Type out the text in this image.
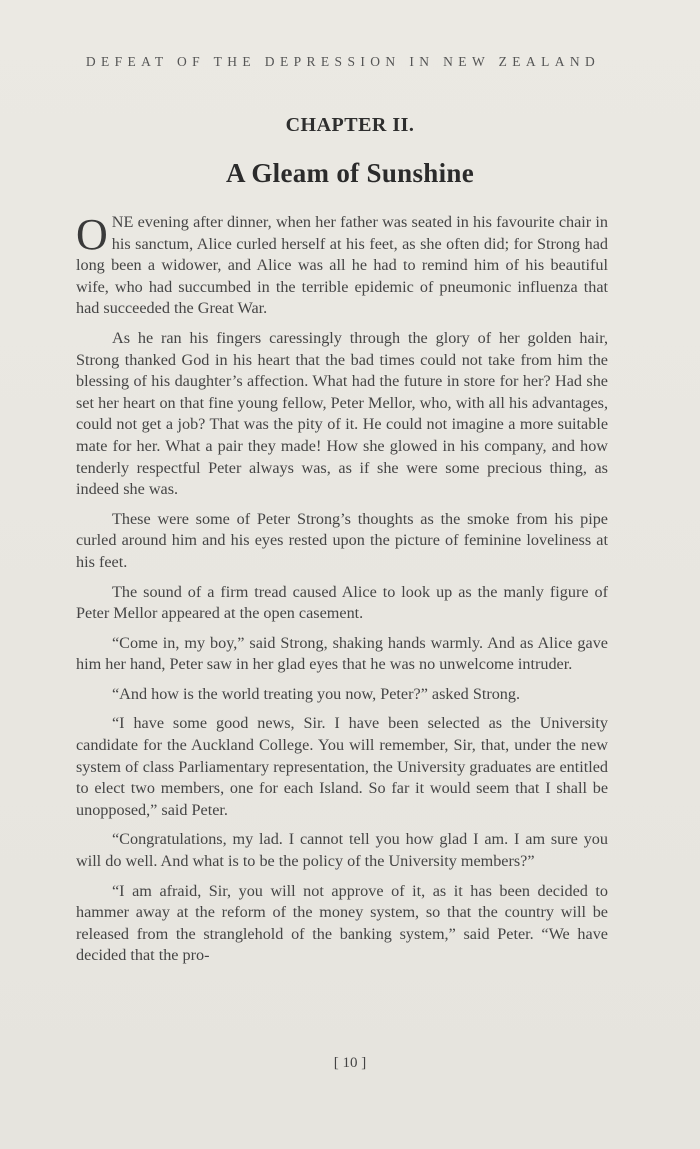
DEFEAT OF THE DEPRESSION IN NEW ZEALAND
CHAPTER II.
A Gleam of Sunshine

ONE evening after dinner, when her father was seated in his favourite chair in his sanctum, Alice curled herself at his feet, as she often did; for Strong had long been a widower, and Alice was all he had to remind him of his beautiful wife, who had succumbed in the terrible epidemic of pneumonic influenza that had succeeded the Great War.

As he ran his fingers caressingly through the glory of her golden hair, Strong thanked God in his heart that the bad times could not take from him the blessing of his daughter’s affection. What had the future in store for her? Had she set her heart on that fine young fellow, Peter Mellor, who, with all his advantages, could not get a job? That was the pity of it. He could not imagine a more suitable mate for her. What a pair they made! How she glowed in his company, and how tenderly respectful Peter always was, as if she were some precious thing, as indeed she was.

These were some of Peter Strong’s thoughts as the smoke from his pipe curled around him and his eyes rested upon the picture of feminine loveliness at his feet.

The sound of a firm tread caused Alice to look up as the manly figure of Peter Mellor appeared at the open casement.

“Come in, my boy,” said Strong, shaking hands warmly. And as Alice gave him her hand, Peter saw in her glad eyes that he was no unwelcome intruder.

“And how is the world treating you now, Peter?” asked Strong.

“I have some good news, Sir. I have been selected as the University candidate for the Auckland College. You will remember, Sir, that, under the new system of class Parliamentary representation, the University graduates are entitled to elect two members, one for each Island. So far it would seem that I shall be unopposed,” said Peter.

“Congratulations, my lad. I cannot tell you how glad I am. I am sure you will do well. And what is to be the policy of the University members?”

“I am afraid, Sir, you will not approve of it, as it has been decided to hammer away at the reform of the money system, so that the country will be released from the stranglehold of the banking system,” said Peter. “We have decided that the pro-

[ 10 ]
